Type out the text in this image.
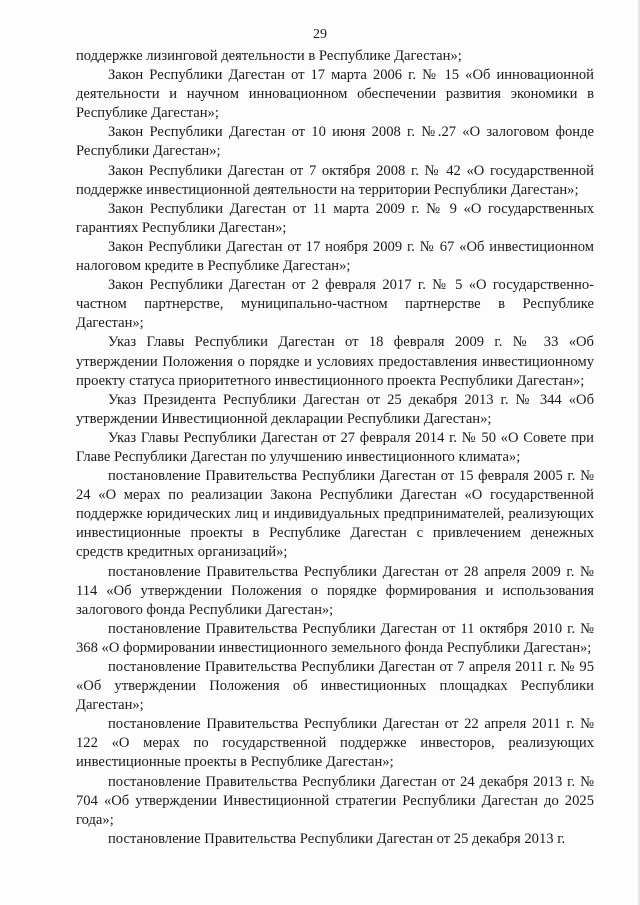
29

поддержке лизинговой деятельности в Республике Дагестан»;

Закон Республики Дагестан от 17 марта 2006 г. № 15 «Об инновационной деятельности и научном инновационном обеспечении развития экономики в Республике Дагестан»;

Закон Республики Дагестан от 10 июня 2008 г. №.27 «О залоговом фонде Республики Дагестан»;

Закон Республики Дагестан от 7 октября 2008 г. № 42 «О государственной поддержке инвестиционной деятельности на территории Республики Дагестан»;

Закон Республики Дагестан от 11 марта 2009 г. № 9 «О государственных гарантиях Республики Дагестан»;

Закон Республики Дагестан от 17 ноября 2009 г. № 67 «Об инвестиционном налоговом кредите в Республике Дагестан»;

Закон Республики Дагестан от 2 февраля 2017 г. № 5 «О государственно-частном партнерстве, муниципально-частном партнерстве в Республике Дагестан»;

Указ Главы Республики Дагестан от 18 февраля 2009 г. № 33 «Об утверждении Положения о порядке и условиях предоставления инвестиционному проекту статуса приоритетного инвестиционного проекта Республики Дагестан»;

Указ Президента Республики Дагестан от 25 декабря 2013 г. № 344 «Об утверждении Инвестиционной декларации Республики Дагестан»;

Указ Главы Республики Дагестан от 27 февраля 2014 г. № 50 «О Совете при Главе Республики Дагестан по улучшению инвестиционного климата»;

постановление Правительства Республики Дагестан от 15 февраля 2005 г. № 24 «О мерах по реализации Закона Республики Дагестан «О государственной поддержке юридических лиц и индивидуальных предпринимателей, реализующих инвестиционные проекты в Республике Дагестан с привлечением денежных средств кредитных организаций»;

постановление Правительства Республики Дагестан от 28 апреля 2009 г. № 114 «Об утверждении Положения о порядке формирования и использования залогового фонда Республики Дагестан»;

постановление Правительства Республики Дагестан от 11 октября 2010 г. № 368 «О формировании инвестиционного земельного фонда Республики Дагестан»;

постановление Правительства Республики Дагестан от 7 апреля 2011 г. № 95 «Об утверждении Положения об инвестиционных площадках Республики Дагестан»;

постановление Правительства Республики Дагестан от 22 апреля 2011 г. № 122 «О мерах по государственной поддержке инвесторов, реализующих инвестиционные проекты в Республике Дагестан»;

постановление Правительства Республики Дагестан от 24 декабря 2013 г. № 704 «Об утверждении Инвестиционной стратегии Республики Дагестан до 2025 года»;

постановление Правительства Республики Дагестан от 25 декабря 2013 г.
